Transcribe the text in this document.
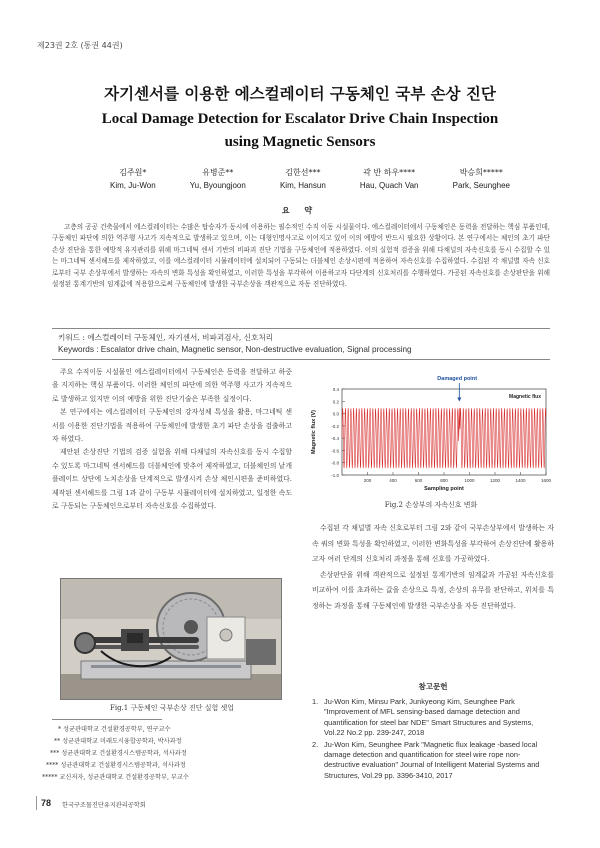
제23권 2호 (통권 44권)
자기센서를 이용한 에스컬레이터 구동체인 국부 손상 진단
Local Damage Detection for Escalator Drive Chain Inspection
using Magnetic Sensors
김주원*
Kim, Ju-Won
유병준**
Yu, Byoungjoon
김한선***
Kim, Hansun
곽 반 하우****
Hau, Quach Van
박승희*****
Park, Seunghee
요 약
고층의 공공 건축물에서 에스컬레이터는 수많은 탑승자가 동시에 이용하는 필수적인 수직 이동 시설물이다. 에스컬레이터에서 구동체인은 동력을 전달하는 핵심 부품인데, 구동체인 파단에 의한 역주행 사고가 지속적으로 발생하고 있으며, 이는 대형인명사고로 이어지고 있어 이의 예방이 반드시 필요한 상황이다. 본 연구에서는 체인의 초기 파단손상 진단을 통한 예방적 유지관리를 위해 마그네틱 센서 기반의 비파괴 진단 기법을 구동체인에 적용하였다. 이의 실험적 검증을 위해 다채널의 자속신호를 동시 수집할 수 있는 마그네틱 센서헤드를 제작하였고, 이를 에스컬레이터 시뮬레이터에 설치되어 구동되는 더블체인 손상시편에 적용하여 자속신호를 수집하였다. 수집된 각 채널별 자속 신호로부터 국부 손상부에서 발생하는 자속의 변화 특성을 확인하였고, 이러한 특성을 부각하여 이용하고자 다단계의 신호처리를 수행하였다. 가공된 자속신호를 손상판단을 위해 설정된 통계기반의 임계값에 적용함으로써 구동체인에 발생한 국부손상을 객관적으로 자동 진단하였다.
키워드 : 에스컬레이터 구동체인, 자기센서, 비파괴검사, 신호처리
Keywords : Escalator drive chain, Magnetic sensor, Non-destructive evaluation, Signal processing

주요 수직이동 시설물인 에스컬레이터에서 구동체인은 동력을 전달하고 하중을 지지하는 핵심 부품이다. 이러한 체인의 파단에 의한 역주행 사고가 지속적으로 발생하고 있지만 이의 예방을 위한 진단기술은 부족한 실정이다.

본 연구에서는 에스컬레이터 구동체인의 강자성체 특성을 활용, 마그네틱 센서를 이용한 진단기법을 적용하여 구동체인에 발생한 초기 파단 손상을 검출하고자 하였다.

제안된 손상진단 기법의 검증 실험을 위해 다채널의 자속신호를 동시 수집할 수 있도록 마그네틱 센서헤드를 더블체인에 맞추어 제작하였고, 더블체인의 낱개 플레이트 상단에 노치손상을 단계적으로 발생시켜 손상 체인시편을 준비하였다. 제작된 센서헤드를 그림 1과 같이 구동부 시뮬레이터에 설치하였고, 일정한 속도로 구동되는 구동체인으로부터 자속신호를 수집하였다.

Fig.1 구동체인 국부손상 진단 실험 셋업
* 성균관대학교 건설환경공학부, 연구교수
** 성균관대학교 미래도시융합공학과, 박사과정
*** 성균관대학교 건설환경시스템공학과, 석사과정
**** 성균관대학교 건설환경시스템공학과, 석사과정
***** 교신저자, 성균관대학교 건설환경공학부, 부교수
-1.0
-0.8
-0.6
-0.4
-0.2
0.0
0.2
0.4
200	400	600	800	1000	1200	1400	1600
Sampling point
Magnetic flux (V)
Damaged point
Magnetic flux
Fig.2 손상부의 자속신호 변화

수집된 각 채널별 자속 신호로부터 그림 2와 같이 국부손상부에서 발생하는 자속 쿼의 변화 특성을 확인하였고, 이러한 변화특성을 부각하여 손상진단에 활용하고자 여러 단계의 신호처리 과정을 통해 신호를 가공하였다.

손상판단을 위해 객관적으로 설정된 통계기반의 임계값과 가공된 자속신호를 비교하여 이를 초과하는 값을 손상으로 특정, 손상의 유무를 판단하고, 위치를 특정하는 과정을 통해 구동체인에 발생한 국부손상을 자동 진단하였다.

참고문헌
1. Ju-Won Kim, Minsu Park, Junkyeong Kim, Seunghee Park "Improvement of MFL sensing-based damage detection and quantification for steel bar NDE" Smart Structures and Systems, Vol.22 No.2 pp. 239-247, 2018
2. Ju-Won Kim, Seunghee Park "Magnetic flux leakage -based local damage detection and quantification for steel wire rope non-destructive evaluation" Journal of Intelligent Material Systems and Structures, Vol.29 pp. 3396-3410, 2017
78 한국구조물진단유지관리공학회
